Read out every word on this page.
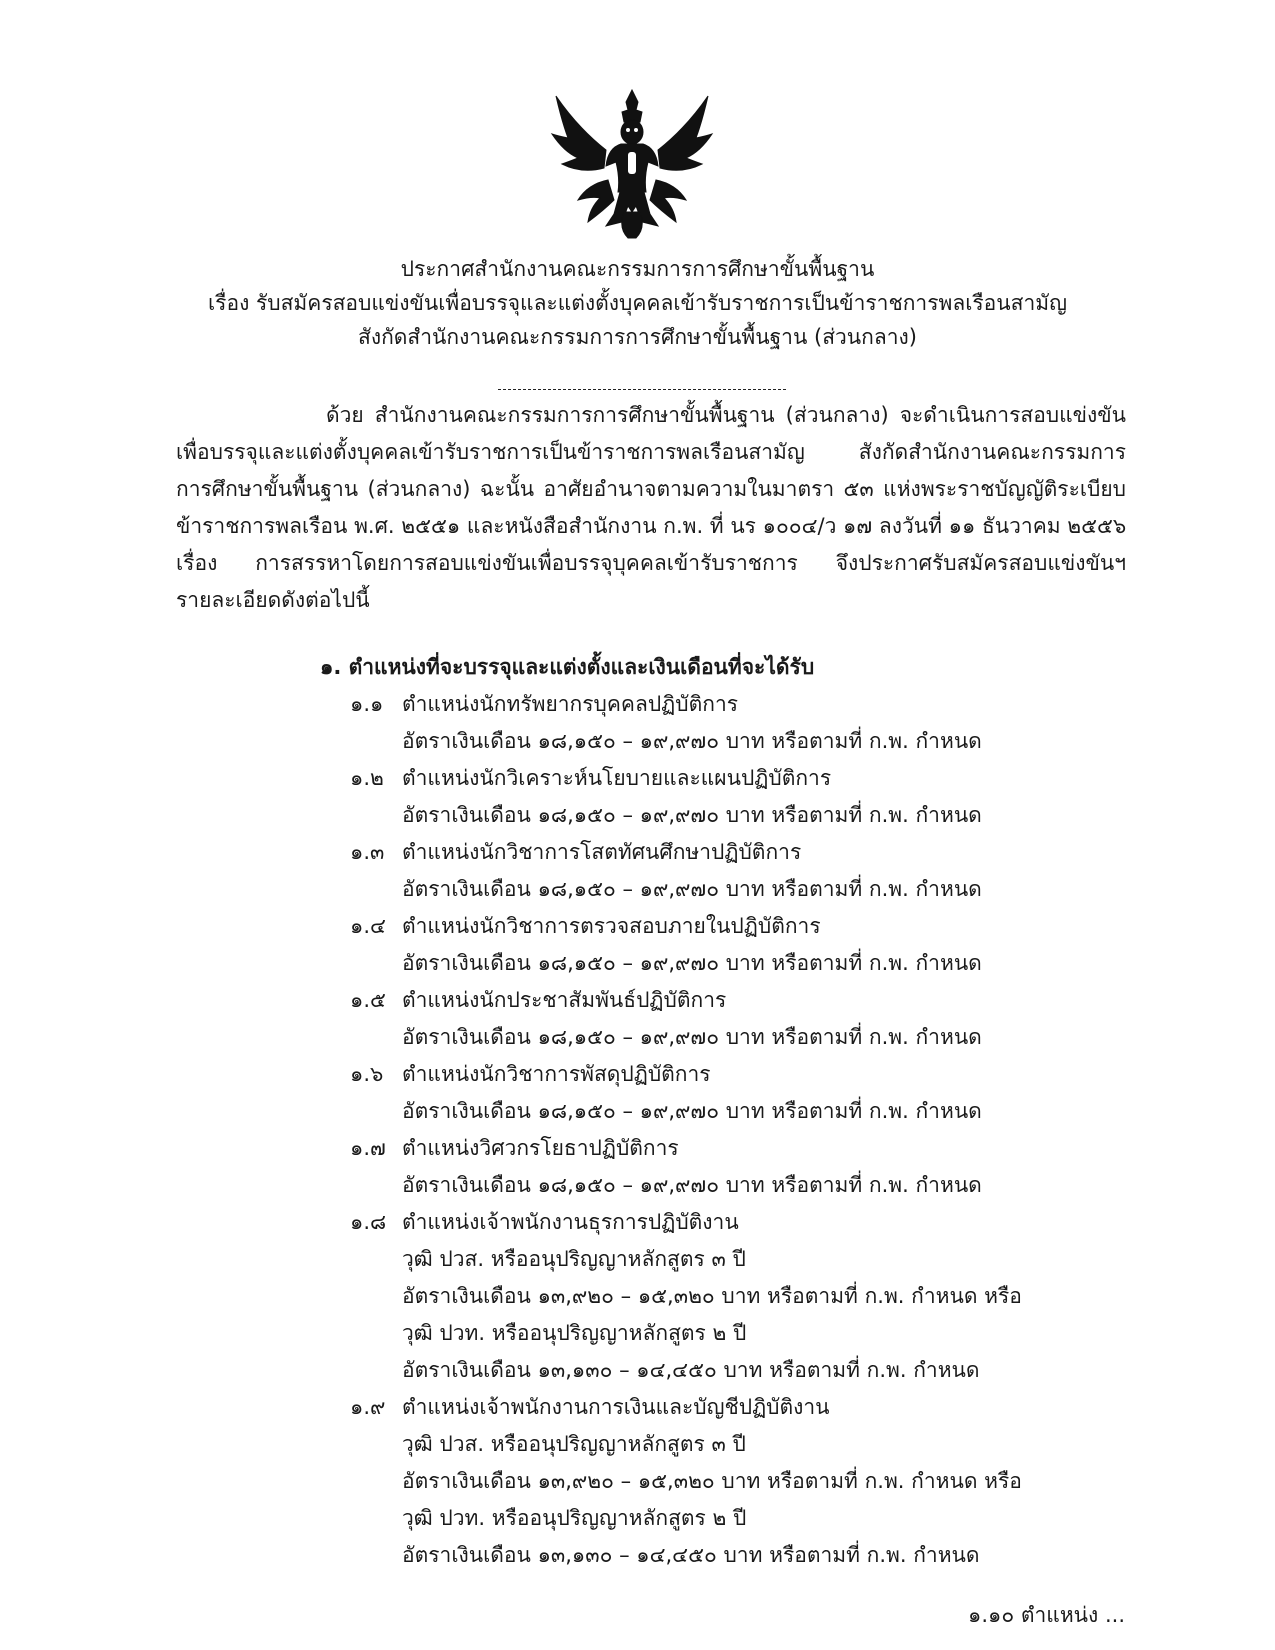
ประกาศสำนักงานคณะกรรมการการศึกษาขั้นพื้นฐาน
เรื่อง รับสมัครสอบแข่งขันเพื่อบรรจุและแต่งตั้งบุคคลเข้ารับราชการเป็นข้าราชการพลเรือนสามัญ
สังกัดสำนักงานคณะกรรมการการศึกษาขั้นพื้นฐาน (ส่วนกลาง)
ด้วย สำนักงานคณะกรรมการการศึกษาขั้นพื้นฐาน (ส่วนกลาง) จะดำเนินการสอบแข่งขัน
เพื่อบรรจุและแต่งตั้งบุคคลเข้ารับราชการเป็นข้าราชการพลเรือนสามัญ สังกัดสำนักงานคณะกรรมการ
การศึกษาขั้นพื้นฐาน (ส่วนกลาง) ฉะนั้น อาศัยอำนาจตามความในมาตรา ๕๓ แห่งพระราชบัญญัติระเบียบ
ข้าราชการพลเรือน พ.ศ. ๒๕๕๑ และหนังสือสำนักงาน ก.พ. ที่ นร ๑๐๐๔/ว ๑๗ ลงวันที่ ๑๑ ธันวาคม ๒๕๕๖
เรื่อง การสรรหาโดยการสอบแข่งขันเพื่อบรรจุบุคคลเข้ารับราชการ จึงประกาศรับสมัครสอบแข่งขันฯ
รายละเอียดดังต่อไปนี้
๑. ตำแหน่งที่จะบรรจุและแต่งตั้งและเงินเดือนที่จะได้รับ
๑.๑ ตำแหน่งนักทรัพยากรบุคคลปฏิบัติการ
อัตราเงินเดือน ๑๘,๑๕๐ – ๑๙,๙๗๐ บาท หรือตามที่ ก.พ. กำหนด
๑.๒ ตำแหน่งนักวิเคราะห์นโยบายและแผนปฏิบัติการ
อัตราเงินเดือน ๑๘,๑๕๐ – ๑๙,๙๗๐ บาท หรือตามที่ ก.พ. กำหนด
๑.๓ ตำแหน่งนักวิชาการโสตทัศนศึกษาปฏิบัติการ
อัตราเงินเดือน ๑๘,๑๕๐ – ๑๙,๙๗๐ บาท หรือตามที่ ก.พ. กำหนด
๑.๔ ตำแหน่งนักวิชาการตรวจสอบภายในปฏิบัติการ
อัตราเงินเดือน ๑๘,๑๕๐ – ๑๙,๙๗๐ บาท หรือตามที่ ก.พ. กำหนด
๑.๕ ตำแหน่งนักประชาสัมพันธ์ปฏิบัติการ
อัตราเงินเดือน ๑๘,๑๕๐ – ๑๙,๙๗๐ บาท หรือตามที่ ก.พ. กำหนด
๑.๖ ตำแหน่งนักวิชาการพัสดุปฏิบัติการ
อัตราเงินเดือน ๑๘,๑๕๐ – ๑๙,๙๗๐ บาท หรือตามที่ ก.พ. กำหนด
๑.๗ ตำแหน่งวิศวกรโยธาปฏิบัติการ
อัตราเงินเดือน ๑๘,๑๕๐ – ๑๙,๙๗๐ บาท หรือตามที่ ก.พ. กำหนด
๑.๘ ตำแหน่งเจ้าพนักงานธุรการปฏิบัติงาน
วุฒิ ปวส. หรืออนุปริญญาหลักสูตร ๓ ปี
อัตราเงินเดือน ๑๓,๙๒๐ – ๑๕,๓๒๐ บาท หรือตามที่ ก.พ. กำหนด หรือ
วุฒิ ปวท. หรืออนุปริญญาหลักสูตร ๒ ปี
อัตราเงินเดือน ๑๓,๑๓๐ – ๑๔,๔๕๐ บาท หรือตามที่ ก.พ. กำหนด
๑.๙ ตำแหน่งเจ้าพนักงานการเงินและบัญชีปฏิบัติงาน
วุฒิ ปวส. หรืออนุปริญญาหลักสูตร ๓ ปี
อัตราเงินเดือน ๑๓,๙๒๐ – ๑๕,๓๒๐ บาท หรือตามที่ ก.พ. กำหนด หรือ
วุฒิ ปวท. หรืออนุปริญญาหลักสูตร ๒ ปี
อัตราเงินเดือน ๑๓,๑๓๐ – ๑๔,๔๕๐ บาท หรือตามที่ ก.พ. กำหนด
๑.๑๐ ตำแหน่ง ...
